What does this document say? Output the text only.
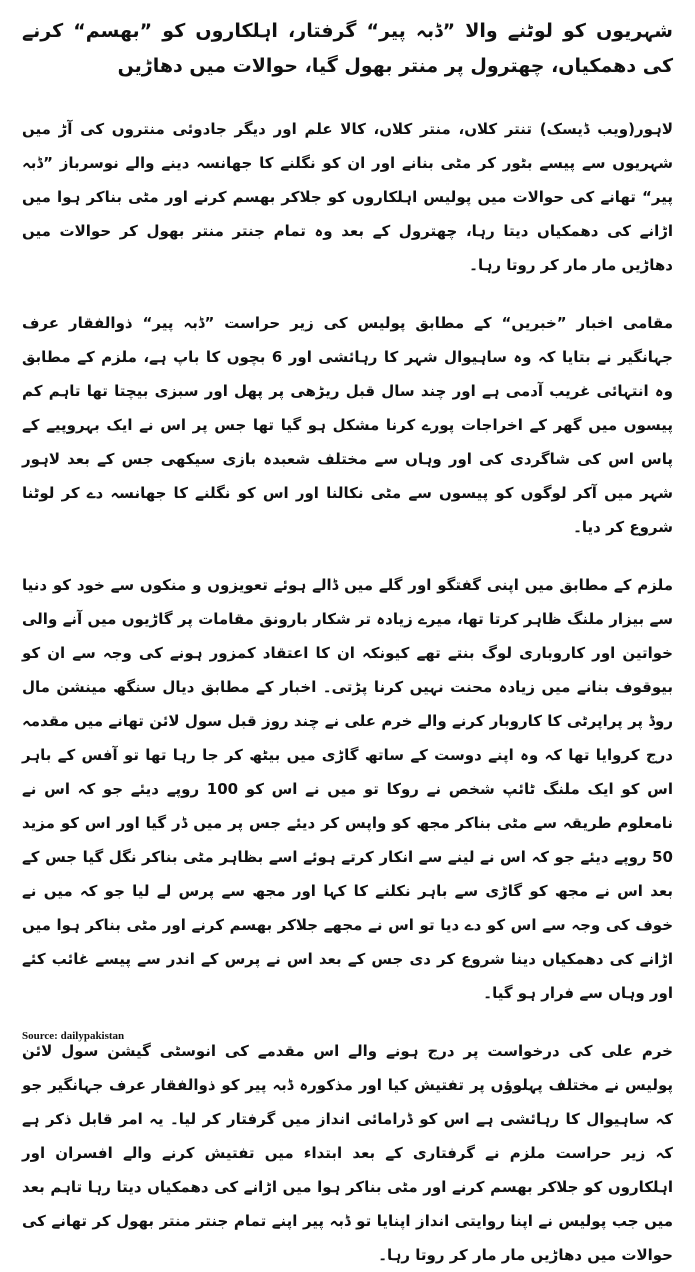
شہریوں کو لوٹنے والا ”ڈبہ پیر“ گرفتار، اہلکاروں کو ”بھسم“ کرنے کی دھمکیاں، چھترول پر منتر بھول گیا، حوالات میں دھاڑیں

لاہور(ویب ڈیسک) تنتر کلاں، منتر کلاں، کالا علم اور دیگر جادوئی منتروں کی آڑ میں شہریوں سے پیسے بٹور کر مٹی بنانے اور ان کو نگلنے کا جھانسہ دینے والے نوسرباز ”ڈبہ پیر“ تھانے کی حوالات میں پولیس اہلکاروں کو جلاکر بھسم کرنے اور مٹی بناکر ہوا میں اڑانے کی دھمکیاں دیتا رہا، چھترول کے بعد وہ تمام جنتر منتر بھول کر حوالات میں دھاڑیں مار مار کر روتا رہا۔

مقامی اخبار ”خبریں“ کے مطابق پولیس کی زیر حراست ”ڈبہ پیر“ ذوالفقار عرف جہانگیر نے بتایا کہ وہ ساہیوال شہر کا رہائشی اور 6 بچوں کا باپ ہے، ملزم کے مطابق وہ انتہائی غریب آدمی ہے اور چند سال قبل ریڑھی پر پھل اور سبزی بیچتا تھا تاہم کم پیسوں میں گھر کے اخراجات پورے کرنا مشکل ہو گیا تھا جس پر اس نے ایک بہروپیے کے پاس اس کی شاگردی کی اور وہاں سے مختلف شعبدہ بازی سیکھی جس کے بعد لاہور شہر میں آکر لوگوں کو پیسوں سے مٹی نکالنا اور اس کو نگلنے کا جھانسہ دے کر لوٹنا شروع کر دیا۔

ملزم کے مطابق میں اپنی گفتگو اور گلے میں ڈالے ہوئے تعویزوں و منکوں سے خود کو دنیا سے بیزار ملنگ ظاہر کرتا تھا، میرے زیادہ تر شکار بارونق مقامات پر گاڑیوں میں آنے والی خواتین اور کاروباری لوگ بنتے تھے کیونکہ ان کا اعتقاد کمزور ہونے کی وجہ سے ان کو بیوقوف بنانے میں زیادہ محنت نہیں کرنا پڑتی۔ اخبار کے مطابق دیال سنگھ مینشن مال روڈ پر پراپرٹی کا کاروبار کرنے والے خرم علی نے چند روز قبل سول لائن تھانے میں مقدمہ درج کروایا تھا کہ وہ اپنے دوست کے ساتھ گاڑی میں بیٹھ کر جا رہا تھا تو آفس کے باہر اس کو ایک ملنگ ٹائپ شخص نے روکا تو میں نے اس کو 100 روپے دیئے جو کہ اس نے نامعلوم طریقہ سے مٹی بناکر مجھ کو واپس کر دیئے جس پر میں ڈر گیا اور اس کو مزید 50 روپے دیئے جو کہ اس نے لینے سے انکار کرتے ہوئے اسے بظاہر مٹی بناکر نگل گیا جس کے بعد اس نے مجھ کو گاڑی سے باہر نکلنے کا کہا اور مجھ سے پرس لے لیا جو کہ میں نے خوف کی وجہ سے اس کو دے دیا تو اس نے مجھے جلاکر بھسم کرنے اور مٹی بناکر ہوا میں اڑانے کی دھمکیاں دینا شروع کر دی جس کے بعد اس نے پرس کے اندر سے پیسے غائب کئے اور وہاں سے فرار ہو گیا۔

خرم علی کی درخواست پر درج ہونے والے اس مقدمے کی انوسٹی گیشن سول لائن پولیس نے مختلف پہلوؤں پر تفتیش کیا اور مذکورہ ڈبہ پیر کو ذوالفقار عرف جہانگیر جو کہ ساہیوال کا رہائشی ہے اس کو ڈرامائی انداز میں گرفتار کر لیا۔ یہ امر قابل ذکر ہے کہ زیر حراست ملزم نے گرفتاری کے بعد ابتداء میں تفتیش کرنے والے افسران اور اہلکاروں کو جلاکر بھسم کرنے اور مٹی بناکر ہوا میں اڑانے کی دھمکیاں دیتا رہا تاہم بعد میں جب پولیس نے اپنا روایتی انداز اپنایا تو ڈبہ پیر اپنے تمام جنتر منتر بھول کر تھانے کی حوالات میں دھاڑیں مار مار کر روتا رہا۔

Source: dailypakistan
